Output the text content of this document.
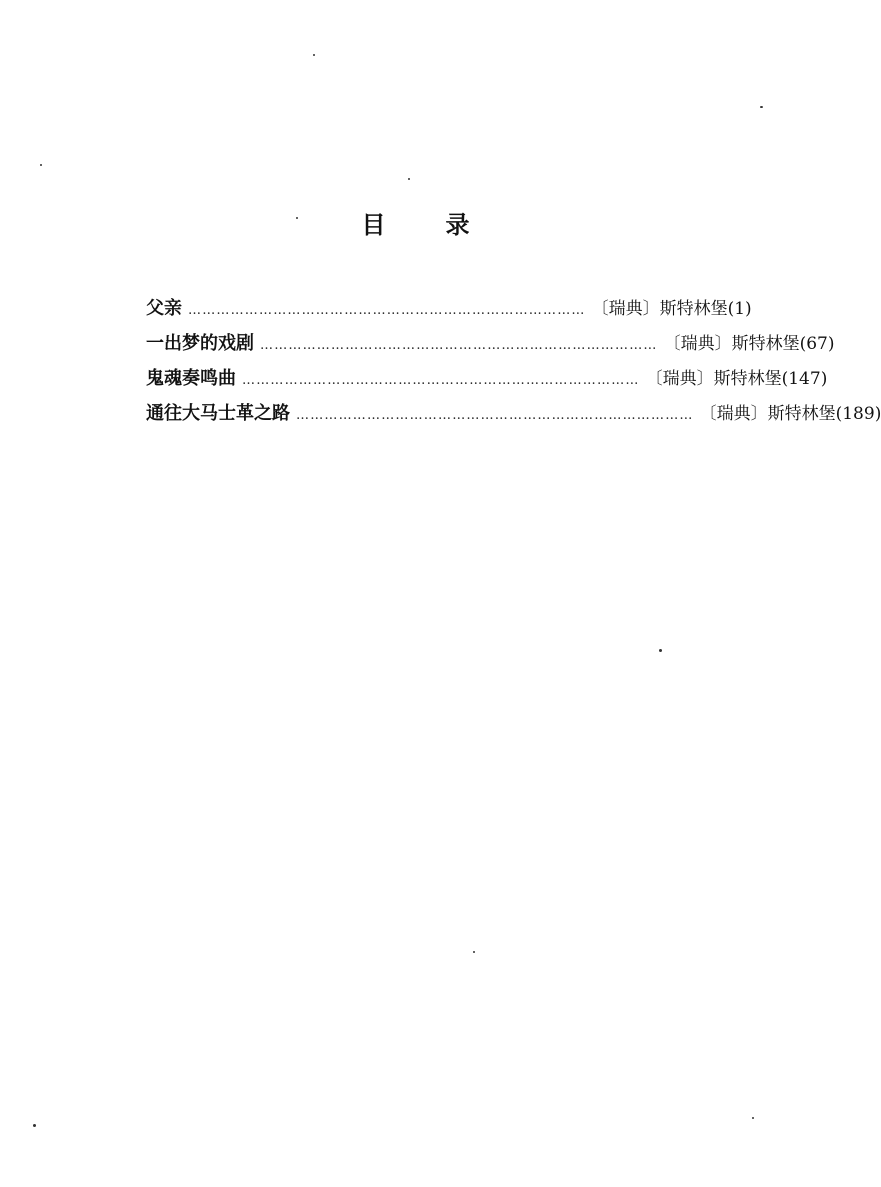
目	录
父亲 ………………………………………………………………………… 〔瑞典〕斯特林堡 (1)
一出梦的戏剧 ………………………………………………………………………… 〔瑞典〕斯特林堡 (67)
鬼魂奏鸣曲 ………………………………………………………………………… 〔瑞典〕斯特林堡 (147)
通往大马士革之路 ………………………………………………………………………… 〔瑞典〕斯特林堡 (189)
